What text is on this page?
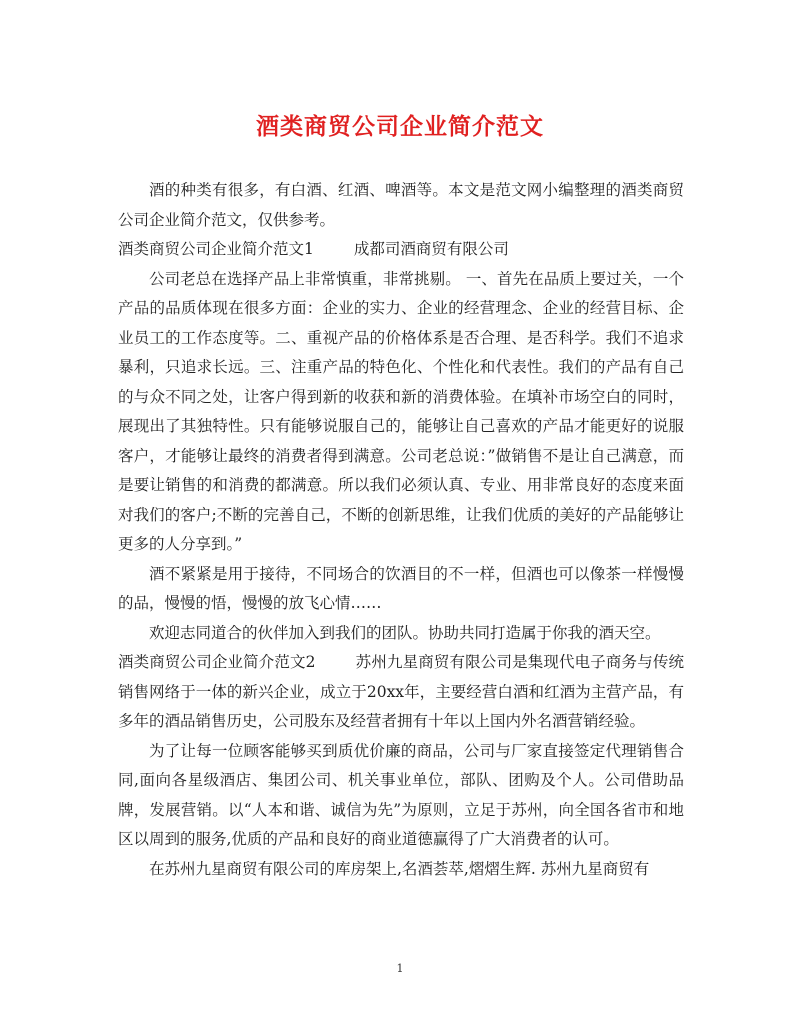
酒类商贸公司企业简介范文

酒的种类有很多，有白酒、红酒、啤酒等。本文是范文网小编整理的酒类商贸公司企业简介范文，仅供参考。

酒类商贸公司企业简介范文1	成都司酒商贸有限公司

公司老总在选择产品上非常慎重，非常挑剔。 一、首先在品质上要过关，一个产品的品质体现在很多方面：企业的实力、企业的经营理念、企业的经营目标、企业员工的工作态度等。二、重视产品的价格体系是否合理、是否科学。我们不追求暴利，只追求长远。三、注重产品的特色化、个性化和代表性。我们的产品有自己的与众不同之处，让客户得到新的收获和新的消费体验。在填补市场空白的同时，展现出了其独特性。只有能够说服自己的，能够让自己喜欢的产品才能更好的说服客户，才能够让最终的消费者得到满意。公司老总说：”做销售不是让自己满意，而是要让销售的和消费的都满意。所以我们必须认真、专业、用非常良好的态度来面对我们的客户;不断的完善自己，不断的创新思维，让我们优质的美好的产品能够让更多的人分享到。”

酒不紧紧是用于接待，不同场合的饮酒目的不一样，但酒也可以像茶一样慢慢的品，慢慢的悟，慢慢的放飞心情……

欢迎志同道合的伙伴加入到我们的团队。协助共同打造属于你我的酒天空。

酒类商贸公司企业简介范文2	苏州九星商贸有限公司是集现代电子商务与传统销售网络于一体的新兴企业，成立于20xx年，主要经营白酒和红酒为主营产品，有多年的酒品销售历史，公司股东及经营者拥有十年以上国内外名酒营销经验。

为了让每一位顾客能够买到质优价廉的商品，公司与厂家直接签定代理销售合同,面向各星级酒店、集团公司、机关事业单位，部队、团购及个人。公司借助品牌，发展营销。以“人本和谐、诚信为先”为原则，立足于苏州，向全国各省市和地区以周到的服务,优质的产品和良好的商业道德赢得了广大消费者的认可。

在苏州九星商贸有限公司的库房架上,名酒荟萃,熠熠生辉. 苏州九星商贸有

1
